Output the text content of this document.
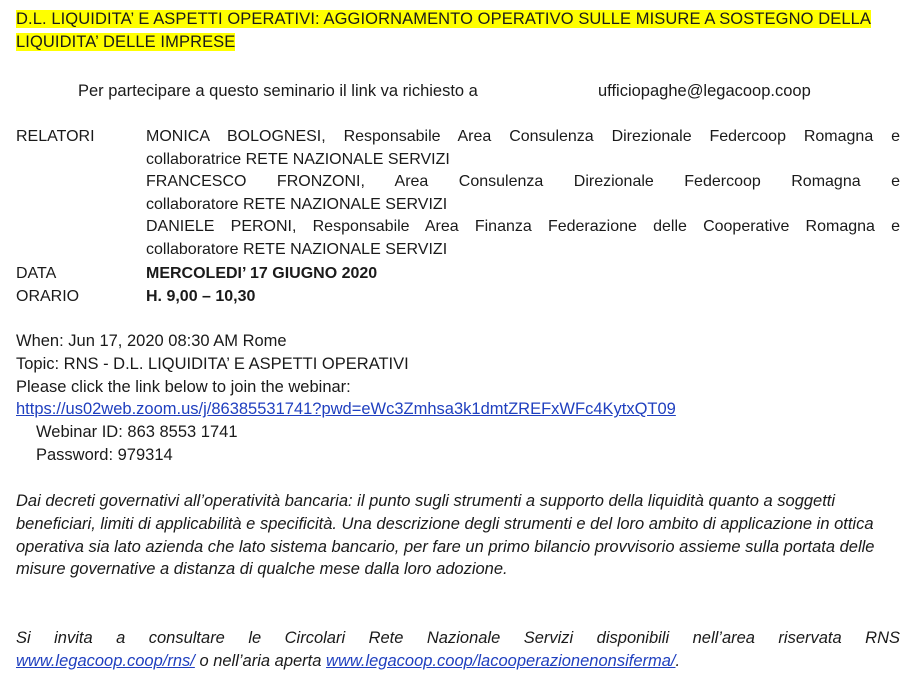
D.L. LIQUIDITA’ E ASPETTI OPERATIVI: AGGIORNAMENTO OPERATIVO SULLE MISURE A SOSTEGNO DELLA LIQUIDITA’ DELLE IMPRESE
Per partecipare a questo seminario il link va richiesto a	ufficiopaghe@legacoop.coop
RELATORI	MONICA BOLOGNESI, Responsabile Area Consulenza Direzionale Federcoop Romagna e
collaboratrice RETE NAZIONALE SERVIZI
FRANCESCO FRONZONI, Area Consulenza Direzionale Federcoop Romagna e
collaboratore RETE NAZIONALE SERVIZI
DANIELE PERONI, Responsabile Area Finanza Federazione delle Cooperative Romagna e
collaboratore RETE NAZIONALE SERVIZI
DATA	MERCOLEDI’ 17 GIUGNO 2020
ORARIO	H. 9,00 – 10,30
When: Jun 17, 2020 08:30 AM Rome
Topic: RNS - D.L. LIQUIDITA’ E ASPETTI OPERATIVI
Please click the link below to join the webinar:
https://us02web.zoom.us/j/86385531741?pwd=eWc3Zmhsa3k1dmtZREFxWFc4KytxQT09
Webinar ID: 863 8553 1741
Password: 979314
Dai decreti governativi all’operatività bancaria: il punto sugli strumenti a supporto della liquidità quanto a soggetti beneficiari, limiti di applicabilità e specificità. Una descrizione degli strumenti e del loro ambito di applicazione in ottica operativa sia lato azienda che lato sistema bancario, per fare un primo bilancio provvisorio assieme sulla portata delle misure governative a distanza di qualche mese dalla loro adozione.
Si invita a consultare le Circolari Rete Nazionale Servizi disponibili nell’area riservata RNS
www.legacoop.coop/rns/ o nell’aria aperta www.legacoop.coop/lacooperazionenonsiferma/.
